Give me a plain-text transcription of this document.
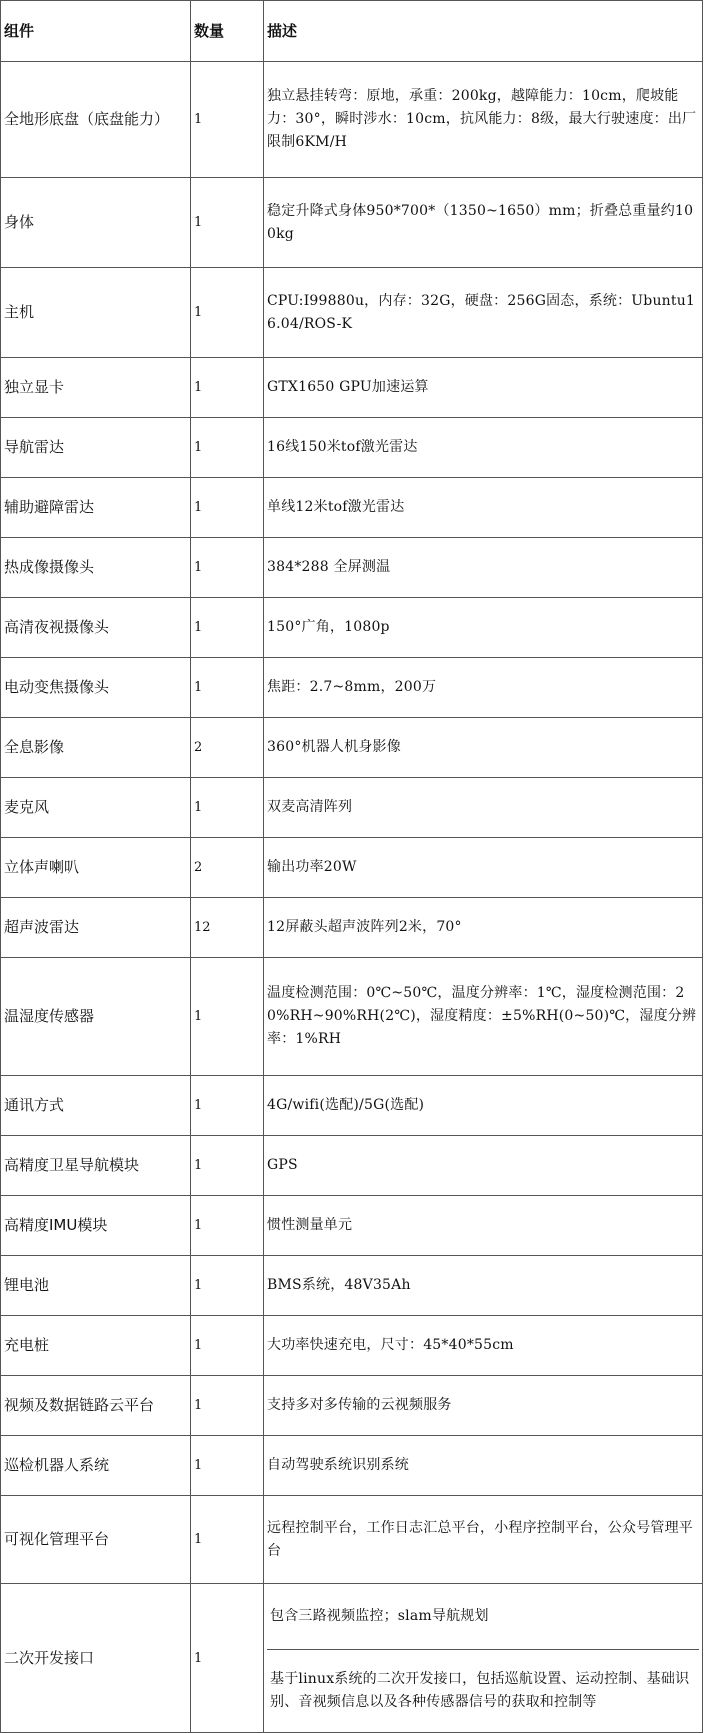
组件	数量	描述
全地形底盘（底盘能力）	1	独立悬挂转弯：原地，承重：200kg，越障能力：10cm，爬坡能力：30°，瞬时涉水：10cm，抗风能力：8级，最大行驶速度：出厂限制6KM/H
身体	1	稳定升降式身体950*700*（1350~1650）mm；折叠总重量约100kg
主机	1	CPU:I99880u，内存：32G，硬盘：256G固态，系统：Ubuntu16.04/ROS-K
独立显卡	1	GTX1650 GPU加速运算
导航雷达	1	16线150米tof激光雷达
辅助避障雷达	1	单线12米tof激光雷达
热成像摄像头	1	384*288 全屏测温
高清夜视摄像头	1	150°广角，1080p
电动变焦摄像头	1	焦距：2.7~8mm，200万
全息影像	2	360°机器人机身影像
麦克风	1	双麦高清阵列
立体声喇叭	2	输出功率20W
超声波雷达	12	12屏蔽头超声波阵列2米，70°
温湿度传感器	1	温度检测范围：0℃~50℃，温度分辨率：1℃，湿度检测范围：20%RH~90%RH(2℃)，湿度精度：±5%RH(0~50)℃，湿度分辨率：1%RH
通讯方式	1	4G/wifi(选配)/5G(选配)
高精度卫星导航模块	1	GPS
高精度IMU模块	1	惯性测量单元
锂电池	1	BMS系统，48V35Ah
充电桩	1	大功率快速充电，尺寸：45*40*55cm
视频及数据链路云平台	1	支持多对多传输的云视频服务
巡检机器人系统	1	自动驾驶系统识别系统
可视化管理平台	1	远程控制平台，工作日志汇总平台，小程序控制平台，公众号管理平台
二次开发接口	1	包含三路视频监控；slam导航规划
基于linux系统的二次开发接口，包括巡航设置、运动控制、基础识别、音视频信息以及各种传感器信号的获取和控制等
